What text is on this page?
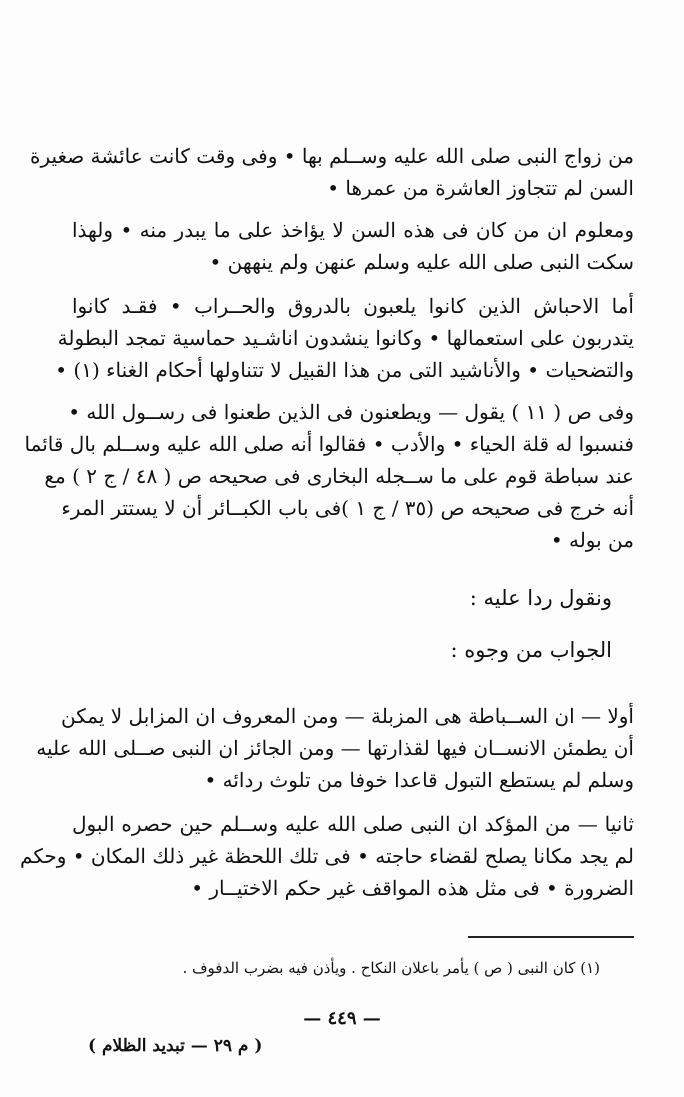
من زواج النبى صلى الله عليه وســلم بها • وفى وقت كانت عائشة صغيرة
السن لم تتجاوز العاشرة من عمرها •
ومعلوم ان من كان فى هذه السن لا يؤاخذ على ما يبدر منه • ولهذا
سكت النبى صلى الله عليه وسلم عنهن ولم ينههن •
أما الاحباش الذين كانوا يلعبون بالدروق والحــراب • فقـد كانوا
يتدربون على استعمالها • وكانوا ينشدون اناشـيد حماسية تمجد البطولة
والتضحيات • والأناشيد التى من هذا القبيل لا تتناولها أحكام الغناء (١) •
وفى ص ( ١١ ) يقول — ويطعنون فى الذين طعنوا فى رســول الله •
فنسبوا له قلة الحياء • والأدب • فقالوا أنه صلى الله عليه وســلم بال قائما
عند سباطة قوم على ما ســجله البخارى فى صحيحه ص ( ٤٨ / ج ٢ ) مع
أنه خرج فى صحيحه ص (٣٥ / ج ١ )فى باب الكبــائر أن لا يستتر المرء
من بوله •
ونقول ردا عليه :
الجواب من وجوه :
أولا — ان الســباطة هى المزبلة — ومن المعروف ان المزابل لا يمكن
أن يطمئن الانســان فيها لقذارتها — ومن الجائز ان النبى صــلى الله عليه
وسلم لم يستطع التبول قاعدا خوفا من تلوث ردائه •
ثانيا — من المؤكد ان النبى صلى الله عليه وســلم حين حصره البول
لم يجد مكانا يصلح لقضاء حاجته • فى تلك اللحظة غير ذلك المكان • وحكم
الضرورة • فى مثل هذه المواقف غير حكم الاختيــار •
(١) كان النبى ( ص ) يأمر باعلان النكاح . ويأذن فيه بضرب الدفوف .
— ٤٤٩ —
( م ٢٩ — تبديد الظلام )
